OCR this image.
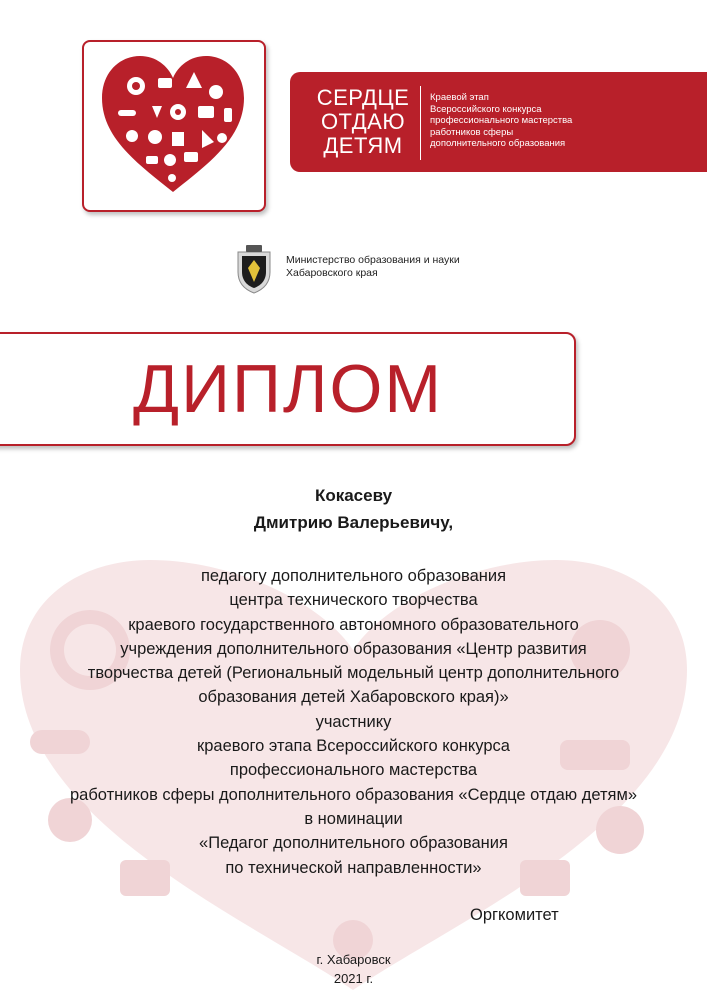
СЕРДЦЕ
ОТДАЮ
ДЕТЯМ
Краевой этап
Всероссийского конкурса
профессионального мастерства
работников сферы
дополнительного образования
Министерство образования и науки
Хабаровского края
ДИПЛОМ
Кокасеву
Дмитрию Валерьевичу,
педагогу дополнительного образования
центра технического творчества
краевого государственного автономного образовательного
учреждения дополнительного образования «Центр развития
творчества детей (Региональный модельный центр дополнительного
образования детей Хабаровского края)»
участнику
краевого этапа Всероссийского конкурса
профессионального мастерства
работников сферы дополнительного образования «Сердце отдаю детям»
в номинации
«Педагог дополнительного образования
по технической направленности»
Оргкомитет
г. Хабаровск
2021 г.
